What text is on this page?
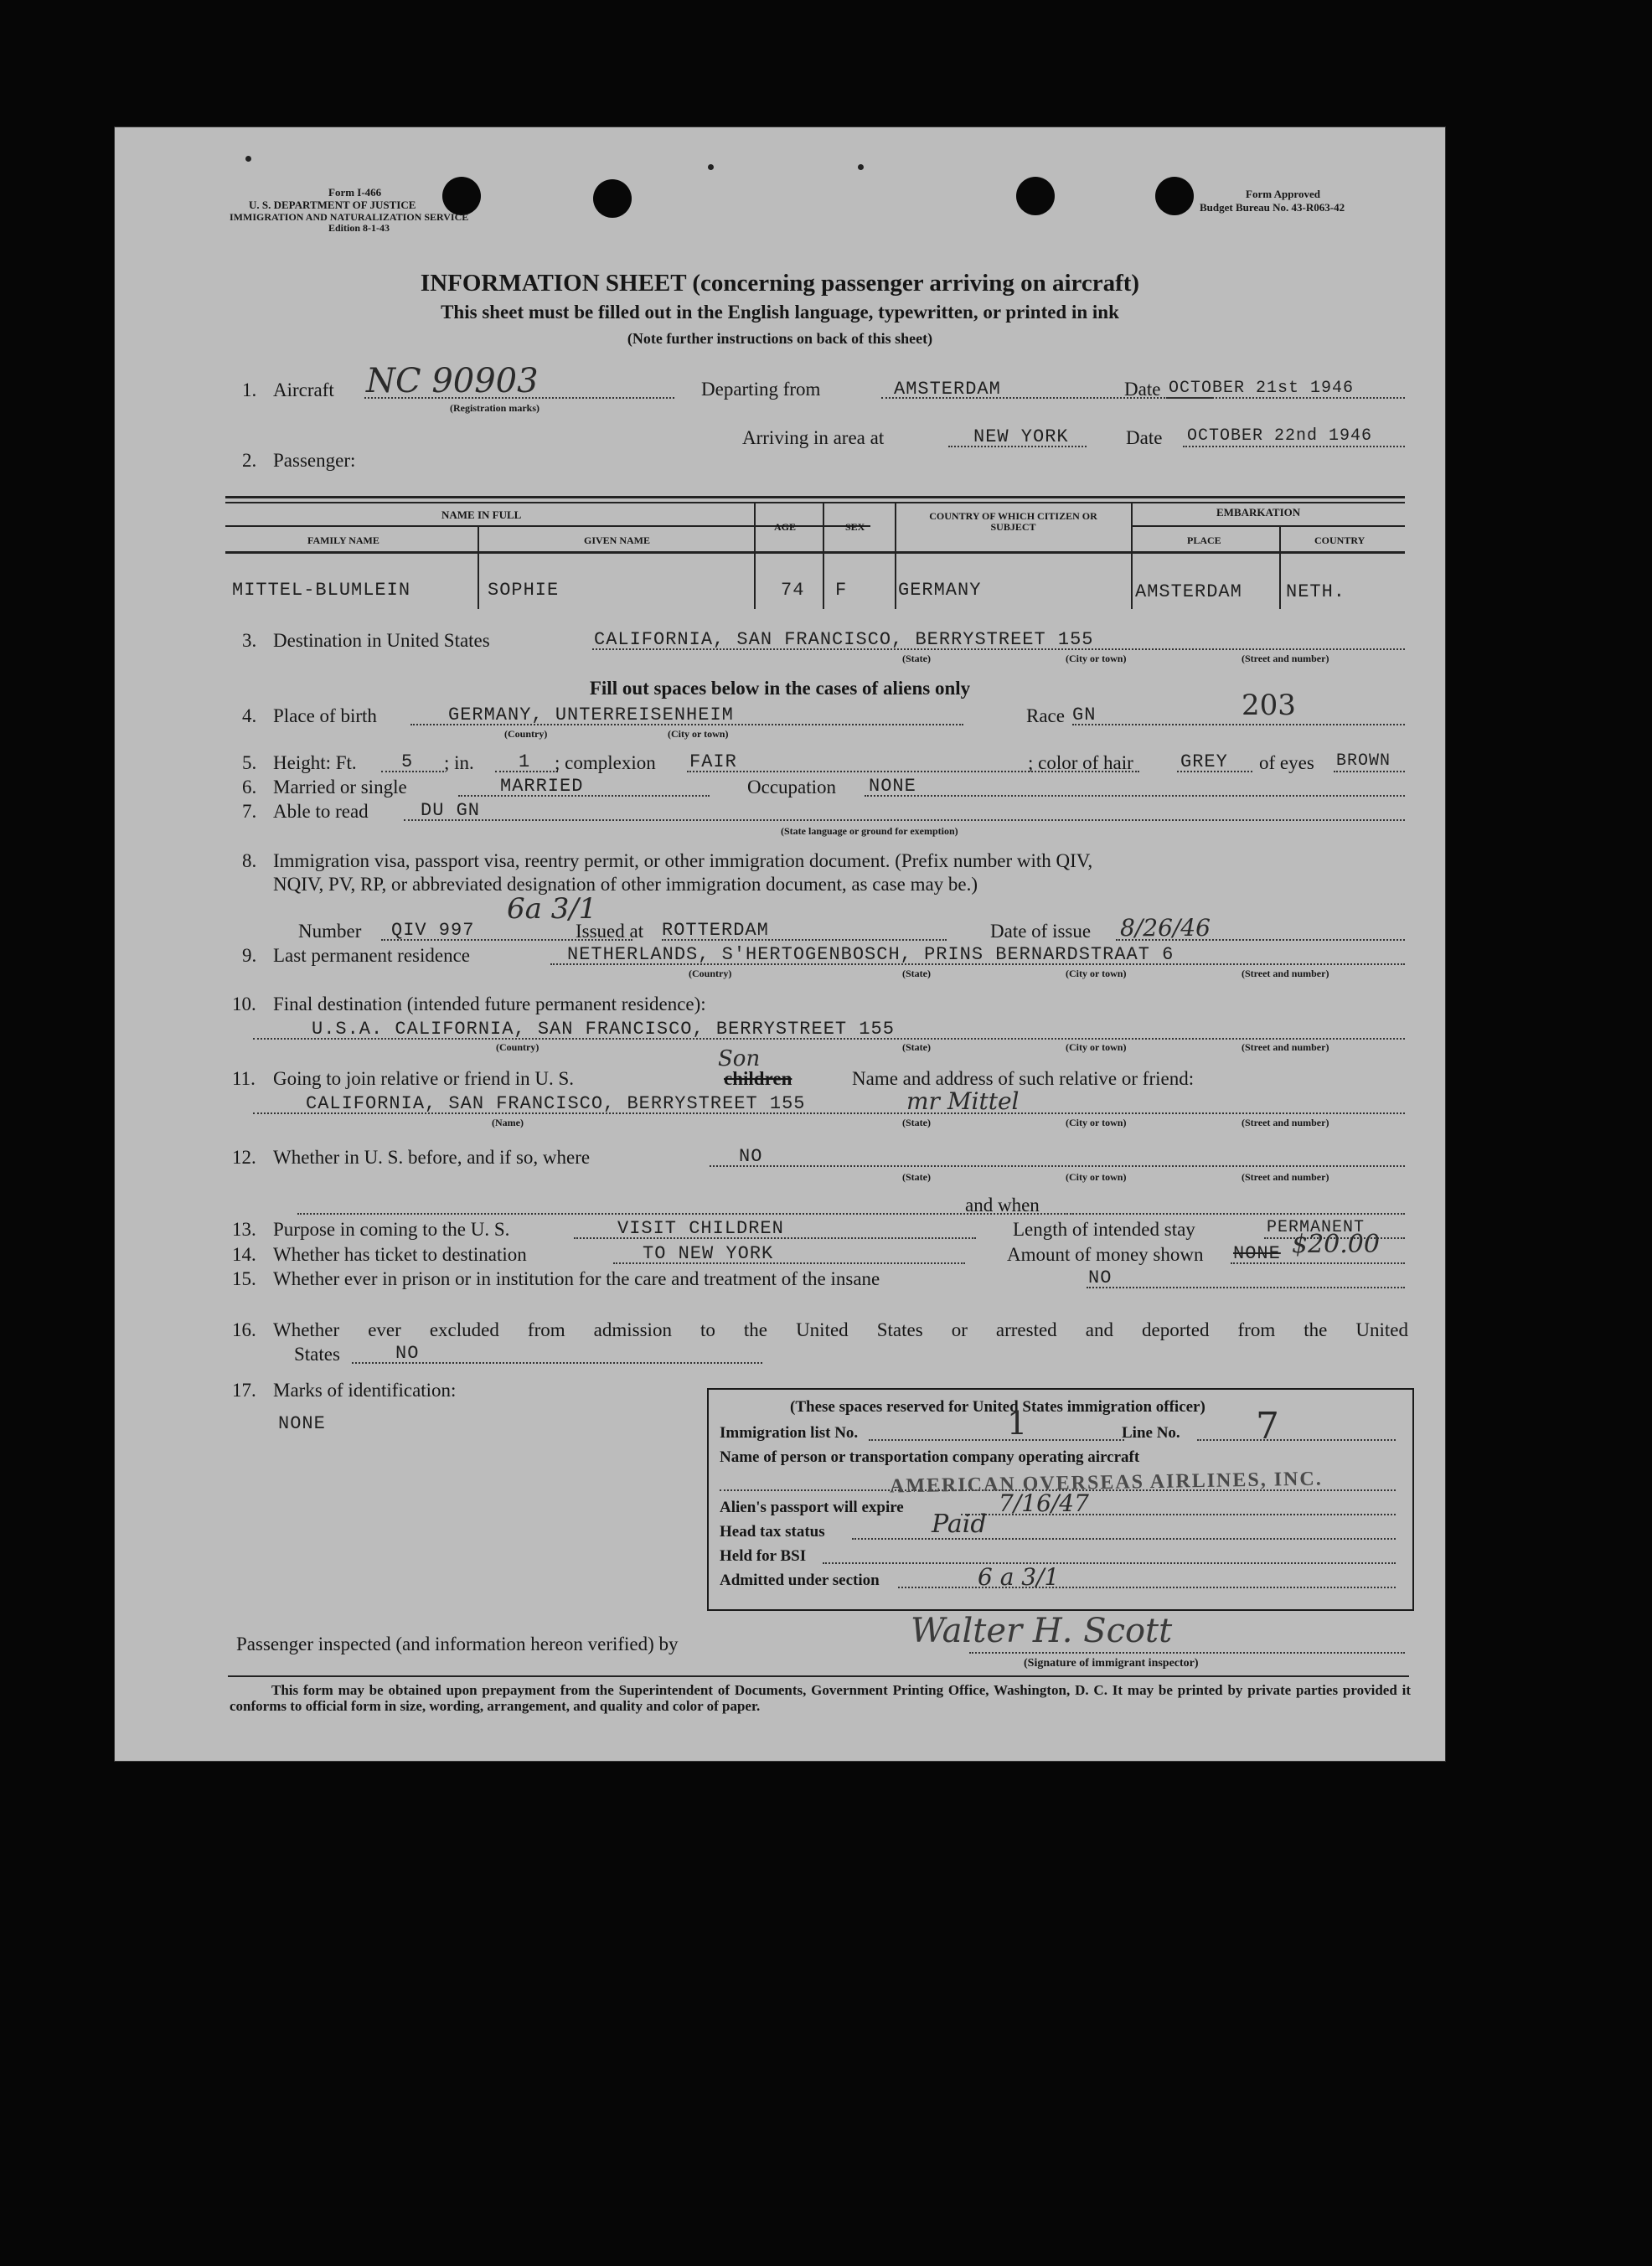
Form I-466
U. S. DEPARTMENT OF JUSTICE
IMMIGRATION AND NATURALIZATION SERVICE
Edition 8-1-43
Form Approved
Budget Bureau No. 43-R063-42
INFORMATION SHEET (concerning passenger arriving on aircraft)
This sheet must be filled out in the English language, typewritten, or printed in ink
(Note further instructions on back of this sheet)
1. Aircraft NC 90903
(Registration marks)
Departing from	AMSTERDAM	Date OCTOBER 21st 1946
Arriving in area at	NEW YORK	Date OCTOBER 22nd 1946
2. Passenger:
NAME IN FULL
FAMILY NAME	GIVEN NAME
AGE	SEX
COUNTRY OF WHICH CITIZEN OR SUBJECT
EMBARKATION
PLACE	COUNTRY
MITTEL-BLUMLEIN	SOPHIE	74 F	GERMANY	AMSTERDAM NETH.
3. Destination in United States	CALIFORNIA, SAN FRANCISCO, BERRYSTREET 155
(State)	(City or town)	(Street and number)
Fill out spaces below in the cases of aliens only
4. Place of birth	GERMANY, UNTERREISENHEIM
(Country)	(City or town)
Race GN	203
5. Height: Ft. 5 ; in. 1 ; complexion FAIR	; color of hair	GREY of eyes BROWN
6. Married or single	MARRIED	Occupation NONE
7. Able to read	DU GN
(State language or ground for exemption)
8. Immigration visa, passport visa, reentry permit, or other immigration document. (Prefix number with QIV,
NQIV, PV, RP, or abbreviated designation of other immigration document, as case may be.)
6a 3/1
Number QIV 997	Issued at ROTTERDAM	Date of issue 8/26/46
9. Last permanent residence	NETHERLANDS, S'HERTOGENBOSCH, PRINS BERNARDSTRAAT 6
(Country)	(State)	(City or town)	(Street and number)
10. Final destination (intended future permanent residence):
U.S.A. CALIFORNIA, SAN FRANCISCO, BERRYSTREET 155
(Country)	(State)	(City or town)	(Street and number)
11. Going to join relative or friend in U. S.
Son
children	Name and address of such relative or friend:
CALIFORNIA, SAN FRANCISCO, BERRYSTREET 155	mr Mittel
(Name)	(State)	(City or town)	(Street and number)
12. Whether in U. S. before, and if so, where	NO
(State)	(City or town)	(Street and number)
and when
13. Purpose in coming to the U. S.	VISIT CHILDREN	Length of intended stay	PERMANENT
14. Whether has ticket to destination	TO NEW YORK	Amount of money shown NONE $20.00
15. Whether ever in prison or in institution for the care and treatment of the insane	NO
16. Whether ever excluded from admission to the United States or arrested and deported from the United
States	NO
17. Marks of identification:
NONE
(These spaces reserved for United States immigration officer)
Immigration list No.	1	Line No. 7
Name of person or transportation company operating aircraft
AMERICAN OVERSEAS AIRLINES, INC.
Alien's passport will expire	7/16/47
Head tax status	Paid
Held for BSI
Admitted under section	6 a 3/1
Passenger inspected (and information hereon verified) by	Walter H. Scott
(Signature of immigrant inspector)
This form may be obtained upon prepayment from the Superintendent of Documents, Government Printing Office, Washington, D. C. It may be printed by private parties provided it conforms to official form in size, wording, arrangement, and quality and color of paper.
